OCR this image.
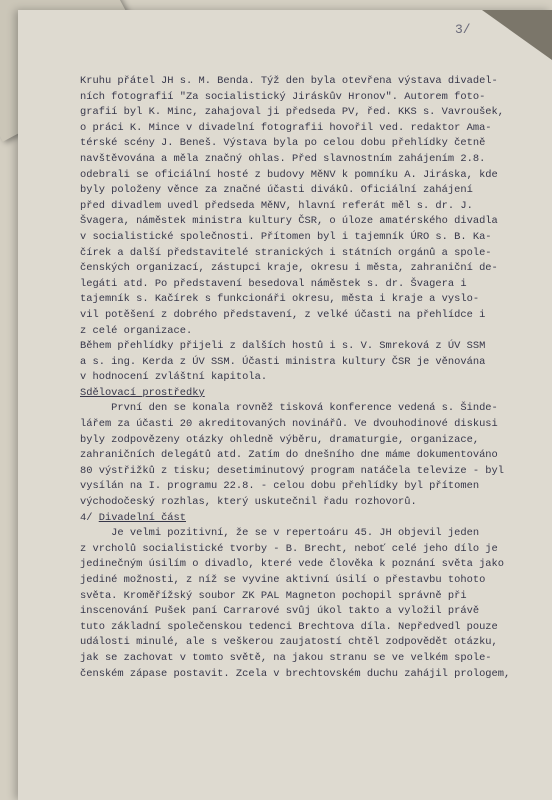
3/
Kruhu přátel JH s. M. Benda. Týž den byla otevřena výstava divadel-
ních fotografií "Za socialistický Jiráskův Hronov". Autorem foto-
grafií byl K. Minc, zahajoval ji předseda PV, řed. KKS s. Vavroušek,
o práci K. Mince v divadelní fotografii hovořil ved. redaktor Ama-
térské scény J. Beneš. Výstava byla po celou dobu přehlídky četně
navštěvována a měla značný ohlas. Před slavnostním zahájením 2.8.
odebrali se oficiální hosté z budovy MěNV k pomníku A. Jiráska, kde
byly položeny věnce za značné účasti diváků. Oficiální zahájení
před divadlem uvedl předseda MěNV, hlavní referát měl s. dr. J.
Švagera, náměstek ministra kultury ČSR, o úloze amatérského divadla
v socialistické společnosti. Přítomen byl i tajemník ÚRO s. B. Ka-
čírek a další představitelé stranických i státních orgánů a spole-
čenských organizací, zástupci kraje, okresu i města, zahraniční de-
legáti atd. Po představení besedoval náměstek s. dr. Švagera i
tajemník s. Kačírek s funkcionáři okresu, města i kraje a vyslo-
vil potěšení z dobrého představení, z velké účasti na přehlídce i
z celé organizace.
Během přehlídky přijeli z dalších hostů i s. V. Smreková z ÚV SSM
a s. ing. Kerda z ÚV SSM. Účasti ministra kultury ČSR je věnována
v hodnocení zvláštní kapitola.
Sdělovací prostředky
První den se konala rovněž tisková konference vedená s. Šinde-
lářem za účasti 20 akreditovaných novinářů. Ve dvouhodinové diskusi
byly zodpovězeny otázky ohledně výběru, dramaturgie, organizace,
zahraničních delegátů atd. Zatím do dnešního dne máme dokumentováno
80 výstřižků z tisku; desetiminutový program natáčela televize - byl
vysílán na I. programu 22.8. - celou dobu přehlídky byl přítomen
východočeský rozhlas, který uskutečnil řadu rozhovorů.
4/ Divadelní část
Je velmi pozitivní, že se v repertoáru 45. JH objevil jeden
z vrcholů socialistické tvorby - B. Brecht, neboť celé jeho dílo je
jedinečným úsilím o divadlo, které vede člověka k poznání světa jako
jediné možnosti, z níž se vyvine aktivní úsilí o přestavbu tohoto
světa. Kroměřížský soubor ZK PAL Magneton pochopil správně při
inscenování Pušek paní Carrarové svůj úkol takto a vyložil právě
tuto základní společenskou tedenci Brechtova díla. Nepředvedl pouze
události minulé, ale s veškerou zaujatostí chtěl zodpovědět otázku,
jak se zachovat v tomto světě, na jakou stranu se ve velkém spole-
čenském zápase postavit. Zcela v brechtovském duchu zahájil prologem,
